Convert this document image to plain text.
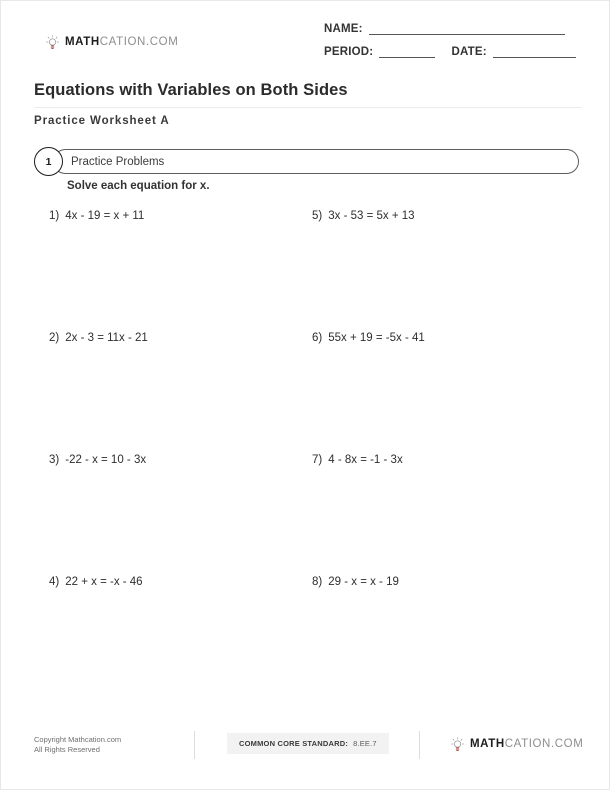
MATHCATION.COM
NAME:
PERIOD:	DATE:
Equations with Variables on Both Sides
Practice Worksheet A
Practice Problems
1
Solve each equation for x.
1) 4x - 19 = x + 11
2) 2x - 3 = 11x - 21
3) -22 - x = 10 - 3x
4) 22 + x = -x - 46
5) 3x - 53 = 5x + 13
6) 55x + 19 = -5x - 41
7) 4 - 8x = -1 - 3x
8) 29 - x = x - 19
Copyright Mathcation.com
All Rights Reserved
COMMON CORE STANDARD: 8.EE.7	MATHCATION.COM
